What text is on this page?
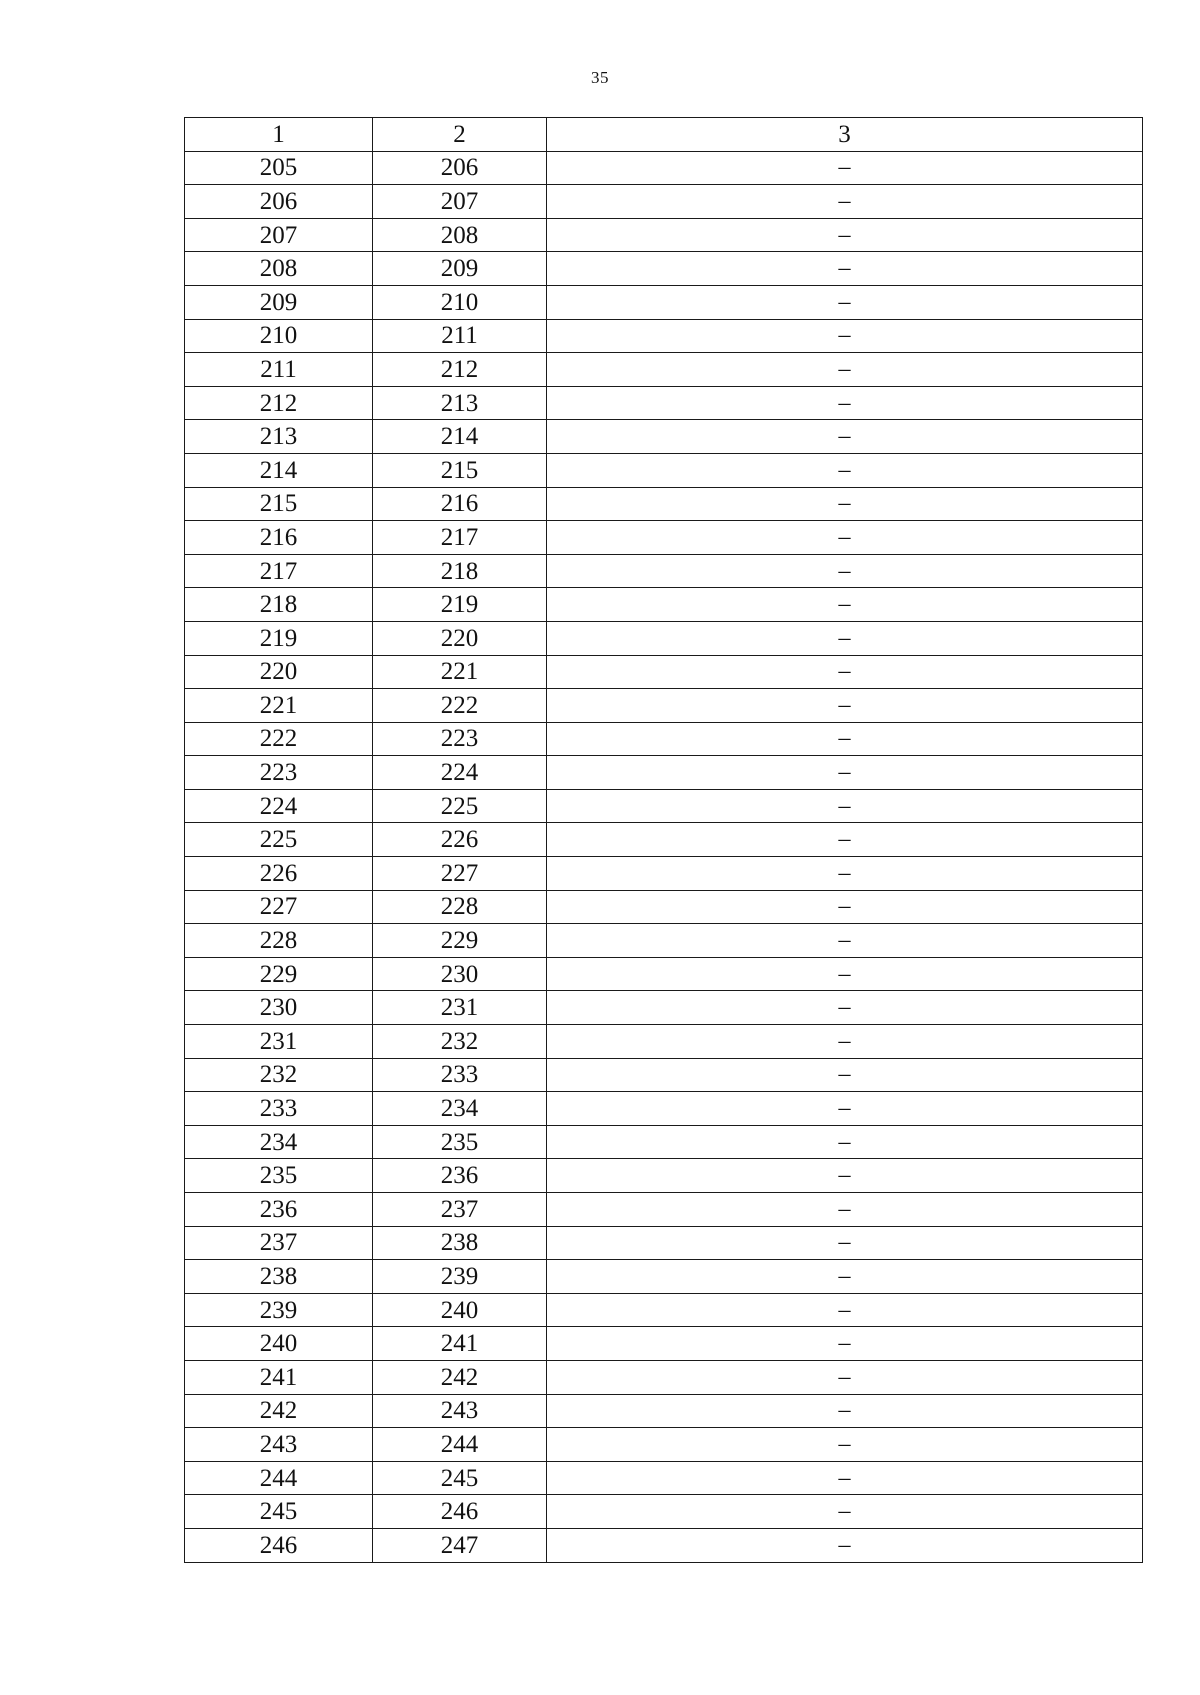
35
1	2	3
205	206	–
206	207	–
207	208	–
208	209	–
209	210	–
210	211	–
211	212	–
212	213	–
213	214	–
214	215	–
215	216	–
216	217	–
217	218	–
218	219	–
219	220	–
220	221	–
221	222	–
222	223	–
223	224	–
224	225	–
225	226	–
226	227	–
227	228	–
228	229	–
229	230	–
230	231	–
231	232	–
232	233	–
233	234	–
234	235	–
235	236	–
236	237	–
237	238	–
238	239	–
239	240	–
240	241	–
241	242	–
242	243	–
243	244	–
244	245	–
245	246	–
246	247	–
